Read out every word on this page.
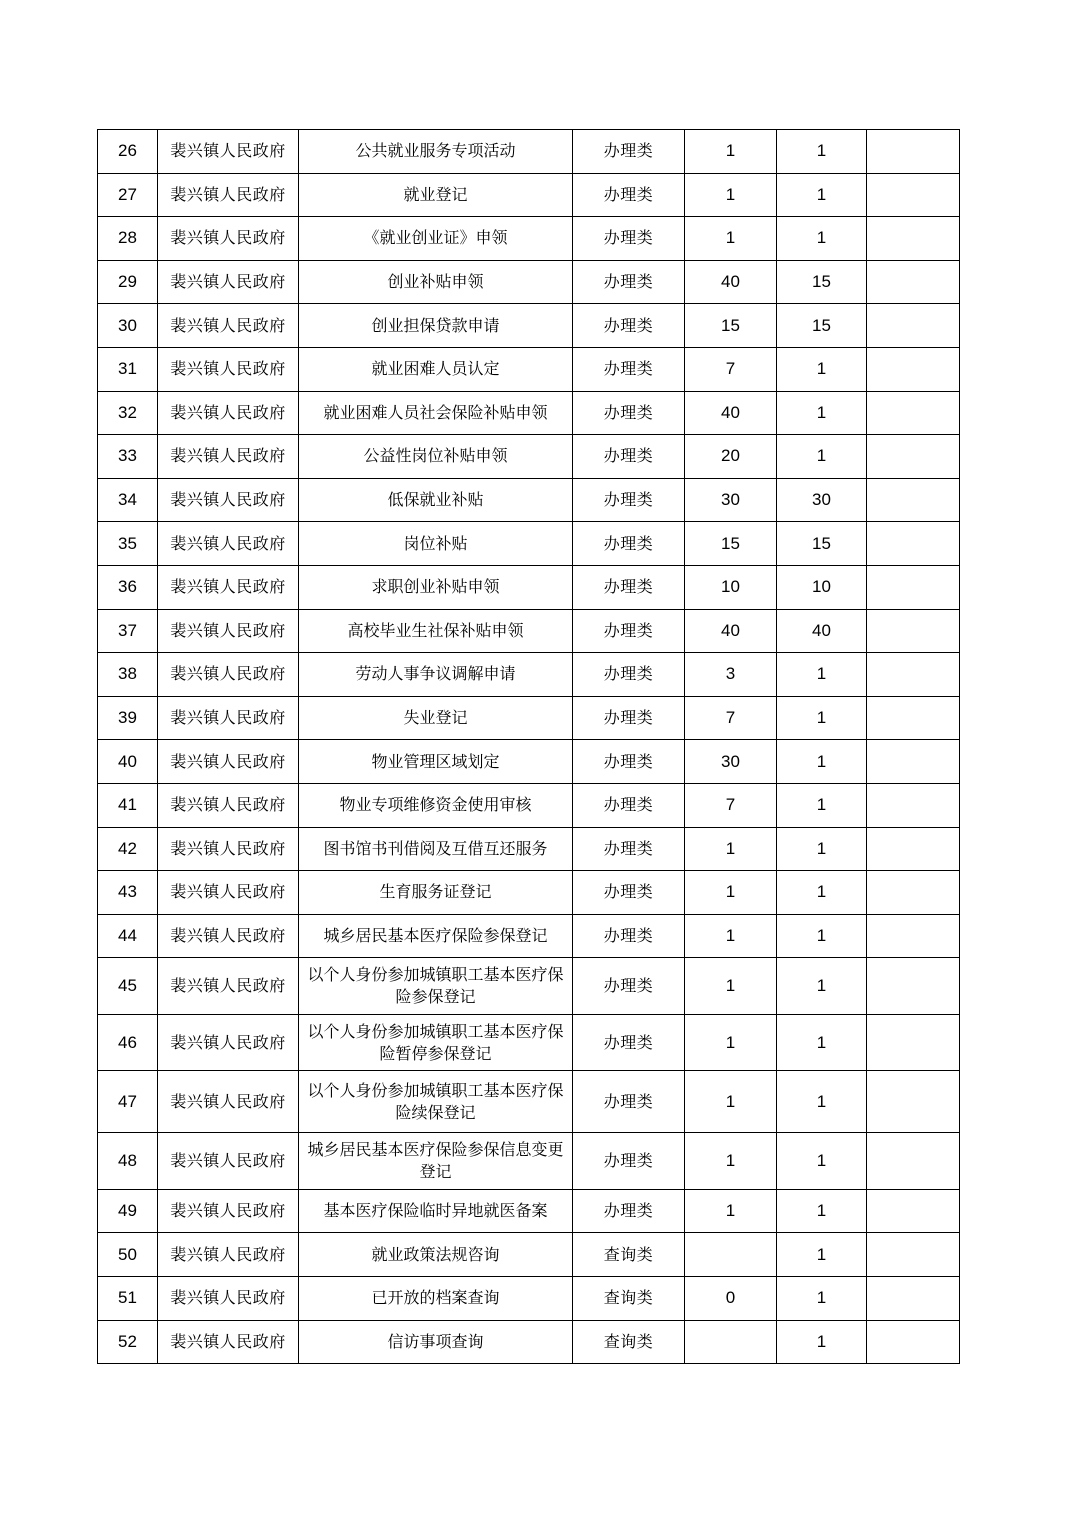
26	裴兴镇人民政府	公共就业服务专项活动	办理类	1	1	
27	裴兴镇人民政府	就业登记	办理类	1	1	
28	裴兴镇人民政府	《就业创业证》申领	办理类	1	1	
29	裴兴镇人民政府	创业补贴申领	办理类	40	15	
30	裴兴镇人民政府	创业担保贷款申请	办理类	15	15	
31	裴兴镇人民政府	就业困难人员认定	办理类	7	1	
32	裴兴镇人民政府	就业困难人员社会保险补贴申领	办理类	40	1	
33	裴兴镇人民政府	公益性岗位补贴申领	办理类	20	1	
34	裴兴镇人民政府	低保就业补贴	办理类	30	30	
35	裴兴镇人民政府	岗位补贴	办理类	15	15	
36	裴兴镇人民政府	求职创业补贴申领	办理类	10	10	
37	裴兴镇人民政府	高校毕业生社保补贴申领	办理类	40	40	
38	裴兴镇人民政府	劳动人事争议调解申请	办理类	3	1	
39	裴兴镇人民政府	失业登记	办理类	7	1	
40	裴兴镇人民政府	物业管理区域划定	办理类	30	1	
41	裴兴镇人民政府	物业专项维修资金使用审核	办理类	7	1	
42	裴兴镇人民政府	图书馆书刊借阅及互借互还服务	办理类	1	1	
43	裴兴镇人民政府	生育服务证登记	办理类	1	1	
44	裴兴镇人民政府	城乡居民基本医疗保险参保登记	办理类	1	1	
45	裴兴镇人民政府	以个人身份参加城镇职工基本医疗保险参保登记	办理类	1	1	
46	裴兴镇人民政府	以个人身份参加城镇职工基本医疗保险暂停参保登记	办理类	1	1	
47	裴兴镇人民政府	以个人身份参加城镇职工基本医疗保险续保登记	办理类	1	1	
48	裴兴镇人民政府	城乡居民基本医疗保险参保信息变更登记	办理类	1	1	
49	裴兴镇人民政府	基本医疗保险临时异地就医备案	办理类	1	1	
50	裴兴镇人民政府	就业政策法规咨询	查询类		1	
51	裴兴镇人民政府	已开放的档案查询	查询类	0	1	
52	裴兴镇人民政府	信访事项查询	查询类		1	
